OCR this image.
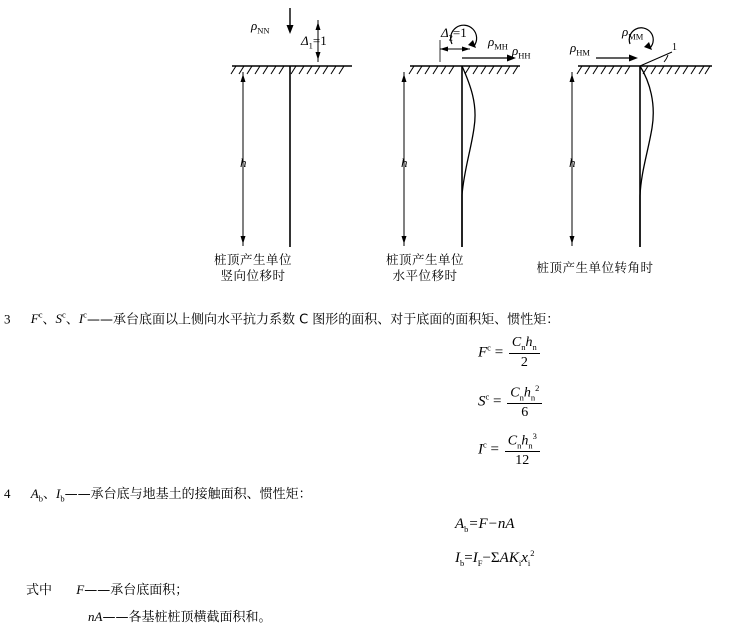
$\rho_{NN}$
$\Delta_1=1$
h
$\Delta_2=1$
$\rho_{MH}$ $\rho_{HH}$
h
$\rho_{HM}$
$\rho_{MM}$
1
h
桩顶产生单位
竖向位移时
桩顶产生单位
水平位移时
桩顶产生单位转角时
3 $F^c$、$S^c$、$I^c——$承台底面以上侧向水平抗力系数 C 图形的面积、对于底面的面积矩、惯性矩：
$F^c = \frac{C_nh_n}{2}$
$S^c = \frac{C_nh_n^2}{6}$
$I^c = \frac{C_nh_n^3}{12}$
4 $A_b$、$I_b——$承台底与地基土的接触面积、惯性矩：
$A_b=F-nA$
$I_b=I_F-\Sigma AK_ix_i^2$
式中 F——承台底面积；
nA——各基桩桩顶横截面积和。
